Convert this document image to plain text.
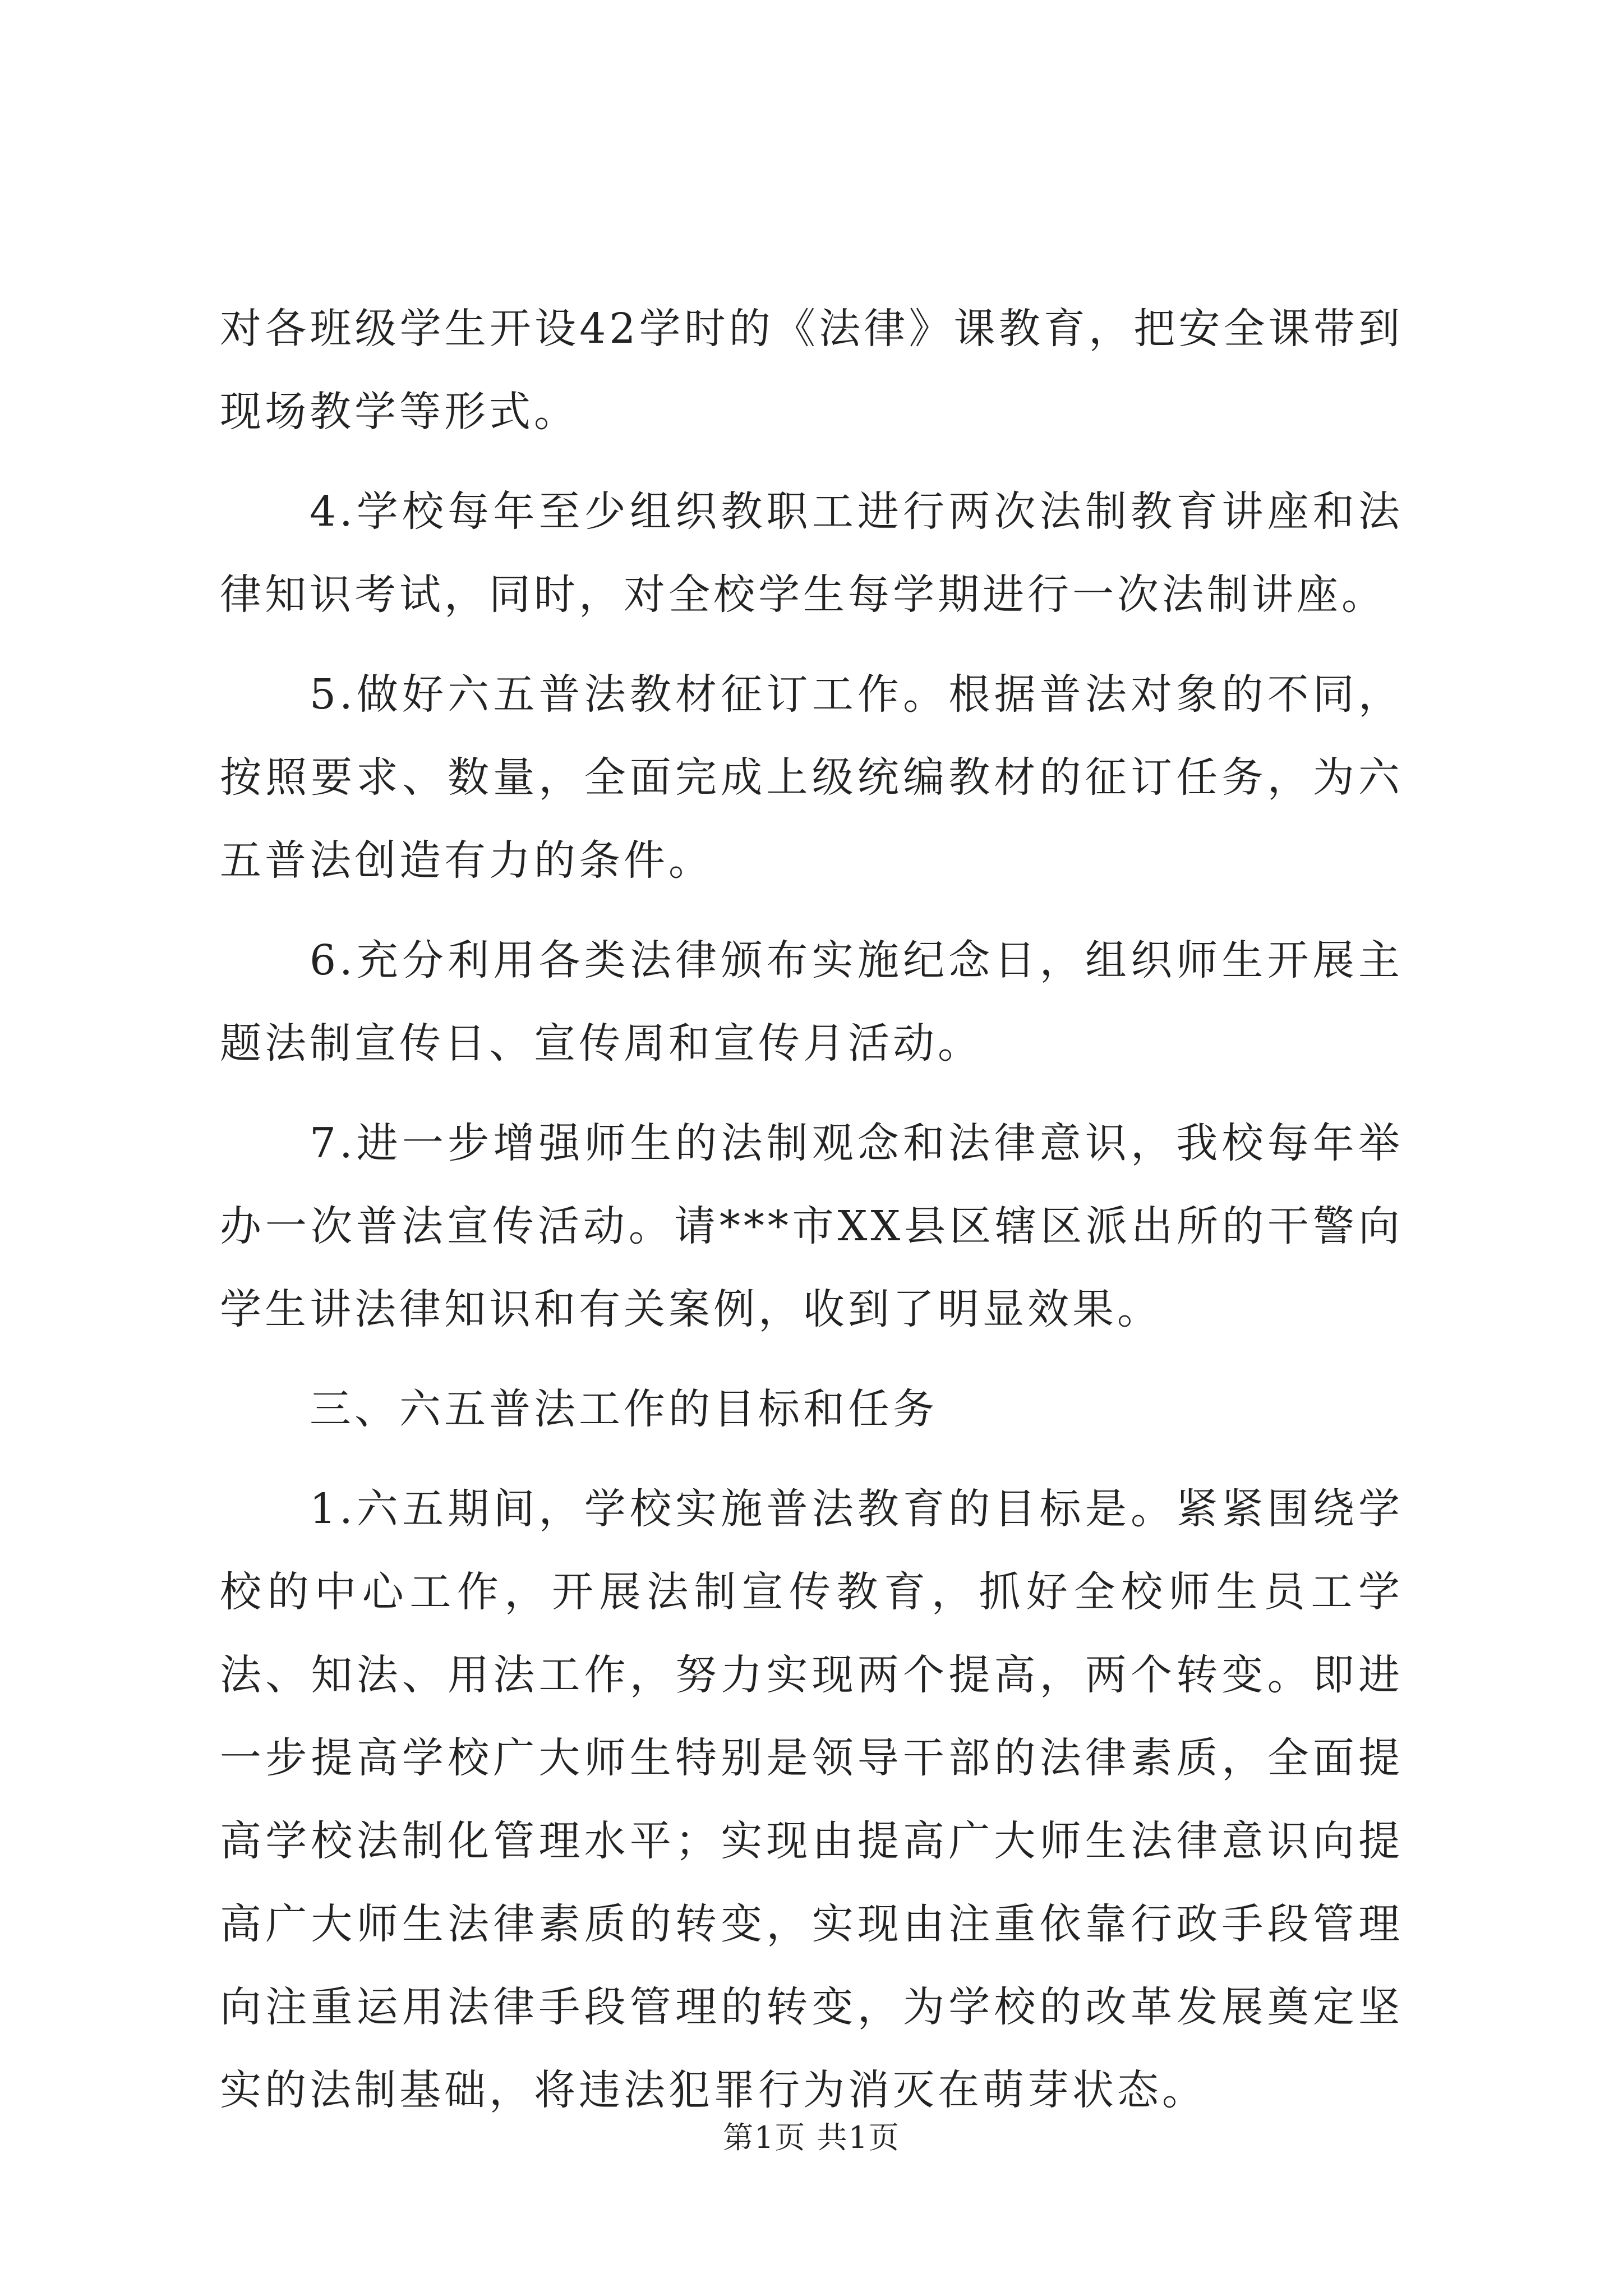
对各班级学生开设42学时的《法律》课教育，把安全课带到现场教学等形式。

4.学校每年至少组织教职工进行两次法制教育讲座和法律知识考试，同时，对全校学生每学期进行一次法制讲座。

5.做好六五普法教材征订工作。根据普法对象的不同，按照要求、数量，全面完成上级统编教材的征订任务，为六五普法创造有力的条件。

6.充分利用各类法律颁布实施纪念日，组织师生开展主题法制宣传日、宣传周和宣传月活动。

7.进一步增强师生的法制观念和法律意识，我校每年举办一次普法宣传活动。请***市XX县区辖区派出所的干警向学生讲法律知识和有关案例，收到了明显效果。

三、六五普法工作的目标和任务

1.六五期间，学校实施普法教育的目标是。紧紧围绕学校的中心工作，开展法制宣传教育，抓好全校师生员工学法、知法、用法工作，努力实现两个提高，两个转变。即进一步提高学校广大师生特别是领导干部的法律素质，全面提高学校法制化管理水平；实现由提高广大师生法律意识向提高广大师生法律素质的转变，实现由注重依靠行政手段管理向注重运用法律手段管理的转变，为学校的改革发展奠定坚实的法制基础，将违法犯罪行为消灭在萌芽状态。

第1页 共1页
